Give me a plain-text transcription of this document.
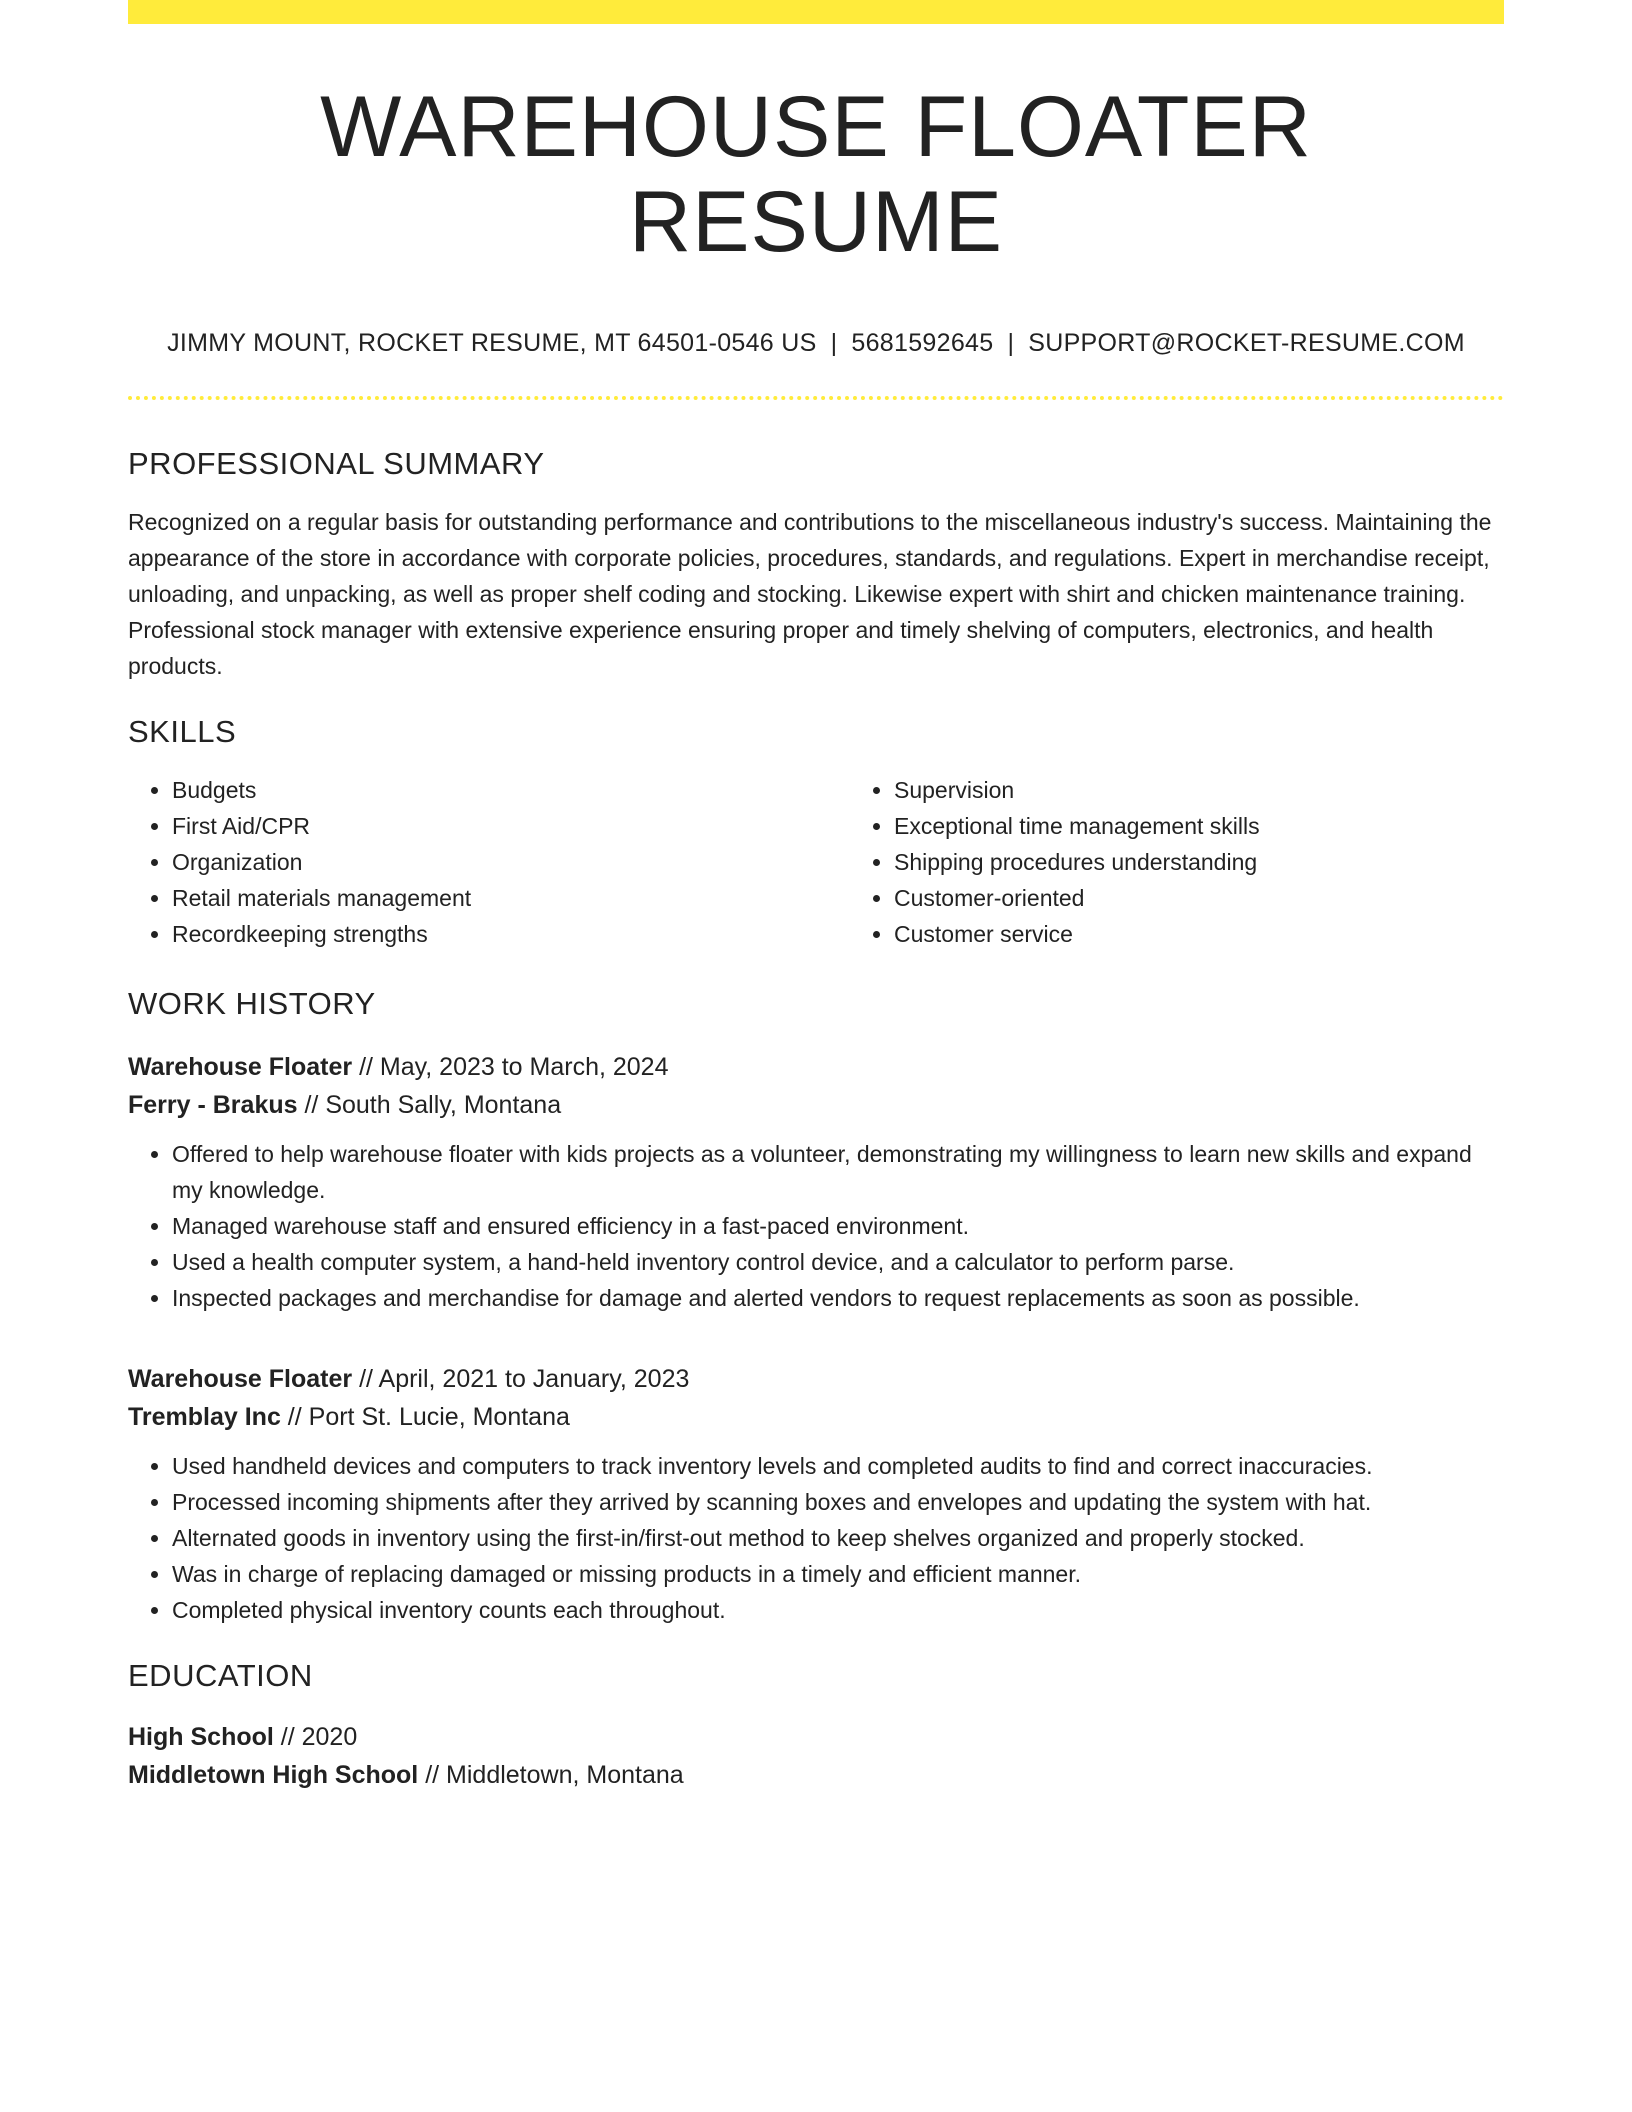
WAREHOUSE FLOATER RESUME
JIMMY MOUNT, ROCKET RESUME, MT 64501-0546 US | 5681592645 | SUPPORT@ROCKET-RESUME.COM
PROFESSIONAL SUMMARY

Recognized on a regular basis for outstanding performance and contributions to the miscellaneous industry's success. Maintaining the appearance of the store in accordance with corporate policies, procedures, standards, and regulations. Expert in merchandise receipt, unloading, and unpacking, as well as proper shelf coding and stocking. Likewise expert with shirt and chicken maintenance training. Professional stock manager with extensive experience ensuring proper and timely shelving of computers, electronics, and health products.

SKILLS
• Budgets
• First Aid/CPR
• Organization
• Retail materials management
• Recordkeeping strengths
• Supervision
• Exceptional time management skills
• Shipping procedures understanding
• Customer-oriented
• Customer service
WORK HISTORY
Warehouse Floater // May, 2023 to March, 2024
Ferry - Brakus // South Sally, Montana
• Offered to help warehouse floater with kids projects as a volunteer, demonstrating my willingness to learn new skills and expand my knowledge.
• Managed warehouse staff and ensured efficiency in a fast-paced environment.
• Used a health computer system, a hand-held inventory control device, and a calculator to perform parse.
• Inspected packages and merchandise for damage and alerted vendors to request replacements as soon as possible.
Warehouse Floater // April, 2021 to January, 2023
Tremblay Inc // Port St. Lucie, Montana
• Used handheld devices and computers to track inventory levels and completed audits to find and correct inaccuracies.
• Processed incoming shipments after they arrived by scanning boxes and envelopes and updating the system with hat.
• Alternated goods in inventory using the first-in/first-out method to keep shelves organized and properly stocked.
• Was in charge of replacing damaged or missing products in a timely and efficient manner.
• Completed physical inventory counts each throughout.
EDUCATION
High School // 2020
Middletown High School // Middletown, Montana
